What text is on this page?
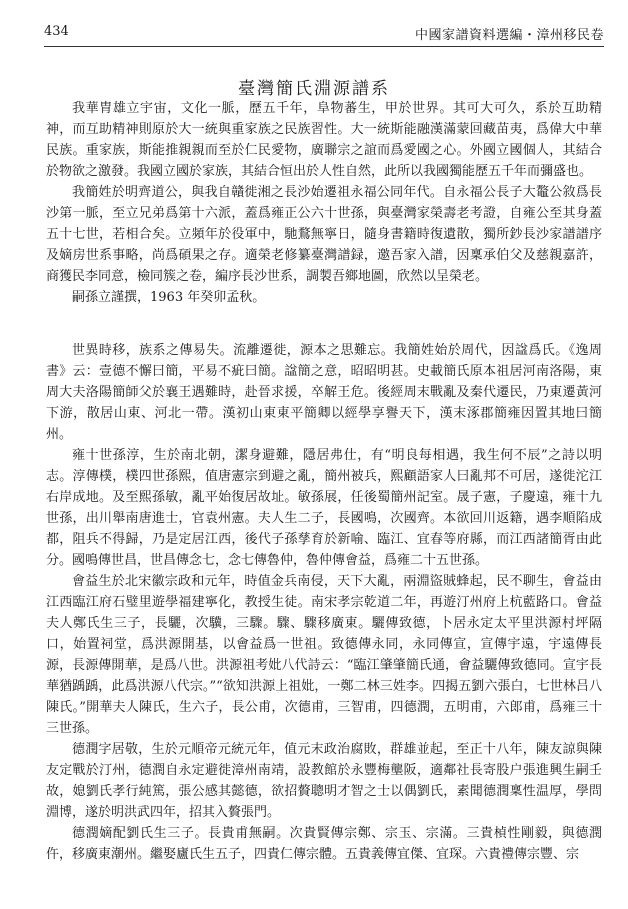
434	中國家譜資料選編・漳州移民卷
臺灣簡氏淵源譜系

我華胄雄立宇宙，文化一脈，歷五千年，阜物蕃生，甲於世界。其可大可久，系於互助精神，而互助精神則原於大一統與重家族之民族習性。大一統斯能融漢滿蒙回藏苗夷，爲偉大中華民族。重家族，斯能推親親而至於仁民愛物，廣聯宗之誼而爲愛國之心。外國立國個人，其結合於物欲之激發。我國立國於家族，其結合恒出於人性自然，此所以我國獨能歷五千年而彌盛也。

我簡姓於明齊道公，與我自贛徙湘之長沙始遷祖永福公同年代。自永福公長子大鼇公敘爲長沙第一脈，至立兄弟爲第十六派，蓋爲雍正公六十世孫，與臺灣家榮壽老考證，自雍公至其身蓋五十七世，若相合矣。立頻年於役軍中，馳鶩無寧日，隨身書籍時復遺散，獨所鈔長沙家譜譜序及嫡房世系事略，尚爲碩果之存。適榮老修纂臺灣譜録，邀吾家入譜，因稟承伯父及慈親嘉許，商獲民李同意，檢同簇之卷，編序長沙世系，調製吾鄉地圖，欣然以呈榮老。

嗣孫立謹撰，1963 年癸卯孟秋。

世異時移，族系之傳易失。流離遷徙，源本之思難忘。我簡姓始於周代，因諡爲氏。《逸周書》云：壹德不懈曰簡，平易不疵曰簡。諡簡之意，昭昭明甚。史載簡氏原本祖居河南洛陽，東周大夫洛陽簡師父於襄王遇難時，赴晉求援，卒解王危。後經周末戰亂及秦代遷民，乃東遷黃河下游，散居山東、河北一帶。漢初山東東平簡卿以經學享譽天下，漢末涿郡簡雍因置其地曰簡州。

雍十世孫淳，生於南北朝，潔身避難，隱居弗仕，有“明良每相遇，我生何不辰”之詩以明志。淳傳樸，樸四世孫熙，值唐憲宗到避之亂，簡州被兵，熙顧語家人曰亂邦不可居，遂徙沱江右岸成地。及至熙孫敏，亂平始復居故址。敏孫展，任後蜀簡州記室。晟子憲，子慶遠，雍十九世孫，出川舉南唐進士，官袁州憲。夫人生二子，長國鳴，次國齊。本欲回川返籍，遇李順陷成都，阻兵不得歸，乃是定居江西，後代子孫孳育於新喻、臨江、宜春等府縣，而江西諸簡胥由此分。國鳴傳世昌，世昌傳念七，念七傳魯仲，魯仲傳會益，爲雍二十五世孫。

會益生於北宋徽宗政和元年，時值金兵南侵，天下大亂，兩淵盜賊蜂起，民不聊生，會益由江西臨江府石璧里遊學福建寧化，教授生徒。南宋孝宗乾道二年，再遊汀州府上杭藍路口。會益夫人鄭氏生三子，長驪，次驥，三驟。驟、驟移廣東。驪傳致德，卜居永定太平里洪源村坪隔口，始置祠堂，爲洪源開基，以會益爲一世祖。致德傳永同，永同傳宣，宣傳宇遠，宇遠傳長源，長源傳開華，是爲八世。洪源祖考妣八代詩云：“臨江肇肇簡氏通，會益驪傳致德同。宣宇長華猶踽踽，此爲洪源八代宗。”“欲知洪源上祖妣，一鄭二林三姓李。四揭五劉六張白，七世林吕八陳氏。”開華夫人陳氏，生六子，長公甫，次德甫，三智甫，四德潤，五明甫，六郎甫，爲雍三十三世孫。

德潤字居敬，生於元順帝元統元年，值元末政治腐敗，群雄並起，至正十八年，陳友諒與陳友定戰於汀州，德潤自永定避徙漳州南靖，設教館於永豐梅壟阪，適鄰社長寄股户張進興生嗣壬故，媳劉氏孝行純篤，張公感其懿德，欲招贅聰明才智之士以偶劉氏，素聞德潤稟性温厚，學問淵博，遂於明洪武四年，招其入贅張門。

德潤嫡配劉氏生三子。長貴甫無嗣。次貴賢傳宗鄭、宗玉、宗滿。三貴楨性剛毅，與德潤仵，移廣東潮州。繼娶廬氏生五子，四貴仁傳宗體。五貴義傳宜傑、宜琛。六貴禮傳宗豐、宗
